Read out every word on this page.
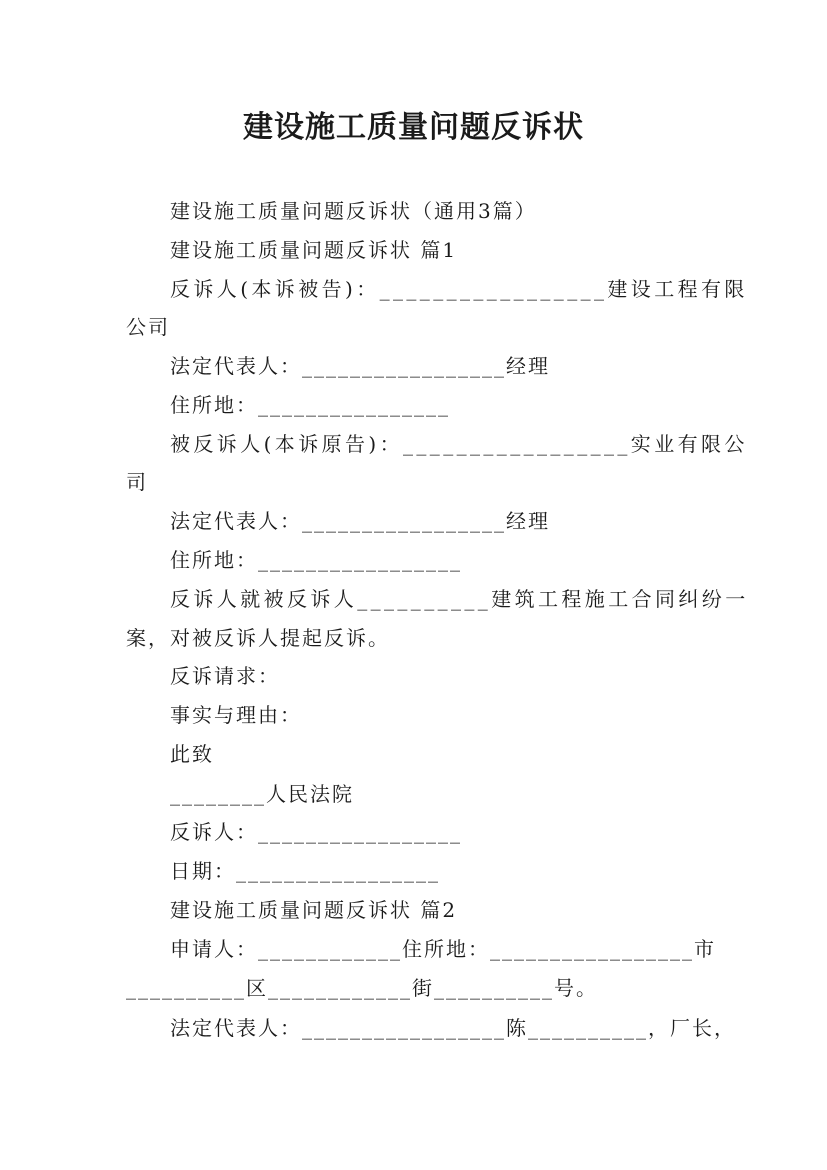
建设施工质量问题反诉状
建设施工质量问题反诉状（通用3篇）
建设施工质量问题反诉状 篇1
反诉人(本诉被告)：_________________建设工程有限
公司
法定代表人：_________________经理
住所地：________________
被反诉人(本诉原告)：_________________实业有限公
司
法定代表人：_________________经理
住所地：_________________
反诉人就被反诉人__________建筑工程施工合同纠纷一
案，对被反诉人提起反诉。
反诉请求：
事实与理由：
此致
________人民法院
反诉人：_________________
日期：_________________
建设施工质量问题反诉状 篇2
申请人：____________住所地：_________________市
__________区____________街__________号。
法定代表人：_________________陈__________，厂长，
